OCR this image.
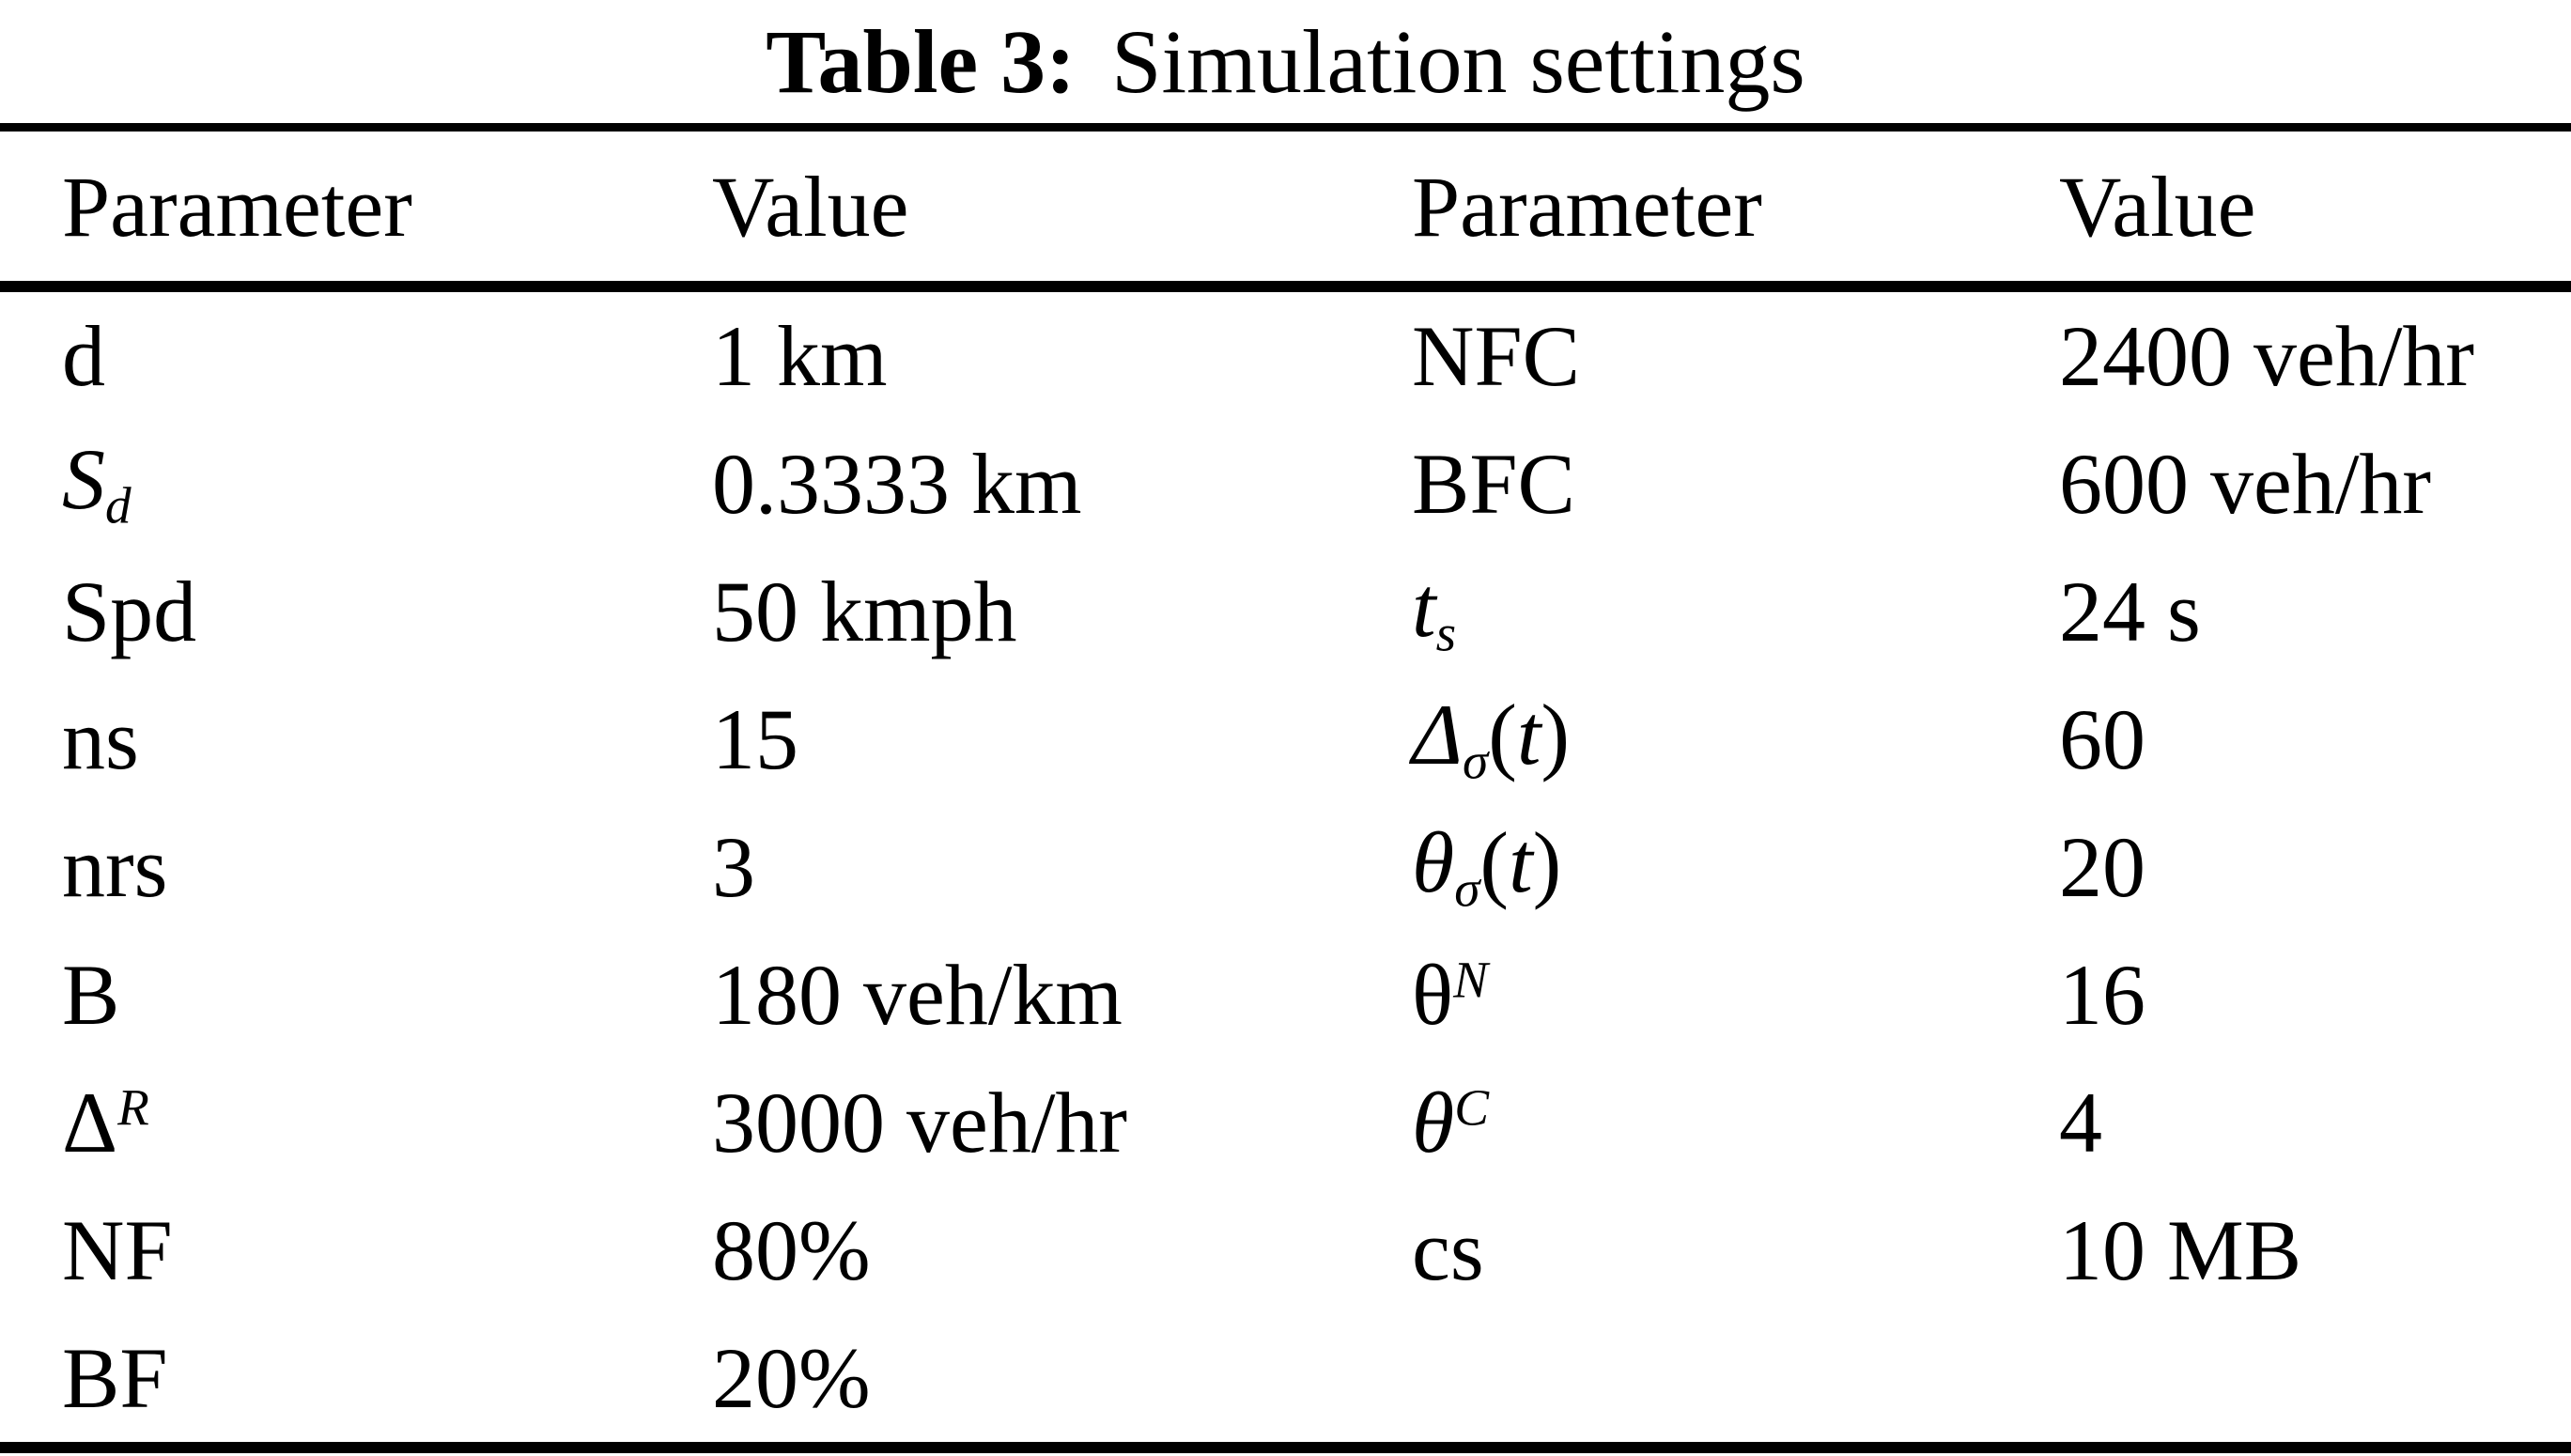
Table 3: Simulation settings
Parameter	Value	Parameter	Value
d	1 km	NFC	2400 veh/hr
$S_d$	0.3333 km	BFC	600 veh/hr
Spd	50 kmph	$t_s$	24 s
ns	15	$\Delta_\sigma(t)$	60
nrs	3	$\theta_\sigma(t)$	20
B	180 veh/km	$\theta^N$	16
$\Delta^R$	3000 veh/hr	$\theta^C$	4
NF	80%	cs	10 MB
BF	20%
